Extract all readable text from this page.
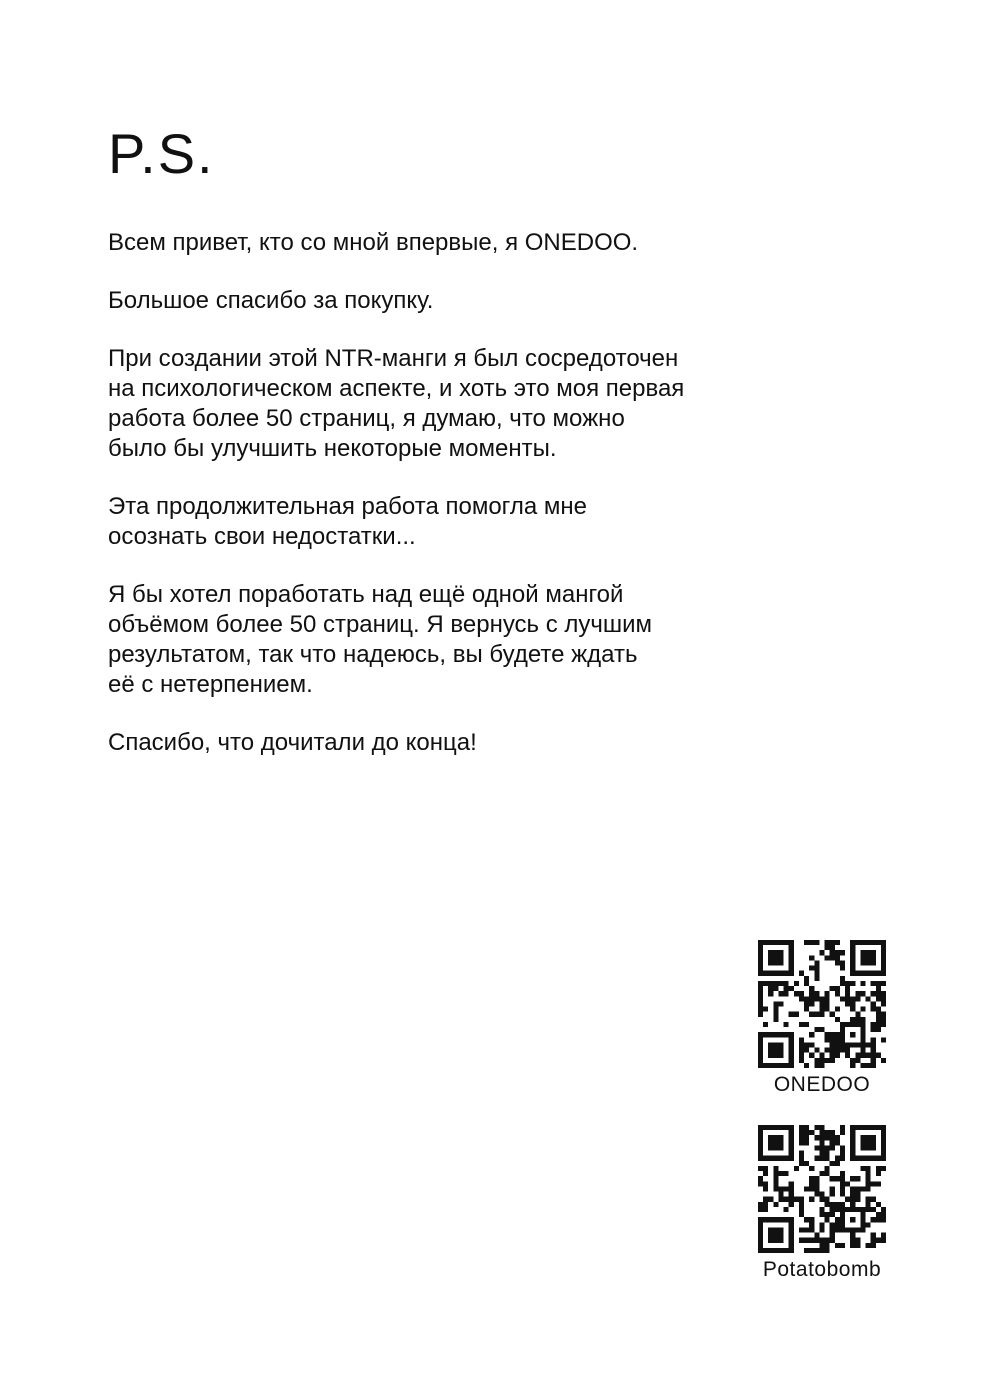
P.S.

Всем привет, кто со мной впервые, я ONEDOO.

Большое спасибо за покупку.

При создании этой NTR-манги я был сосредоточен
на психологическом аспекте, и хоть это моя первая
работа более 50 страниц, я думаю, что можно
было бы улучшить некоторые моменты.

Эта продолжительная работа помогла мне
осознать свои недостатки...

Я бы хотел поработать над ещё одной мангой
объёмом более 50 страниц. Я вернусь с лучшим
результатом, так что надеюсь, вы будете ждать
её с нетерпением.

Спасибо, что дочитали до конца!

ONEDOO
Potatobomb
